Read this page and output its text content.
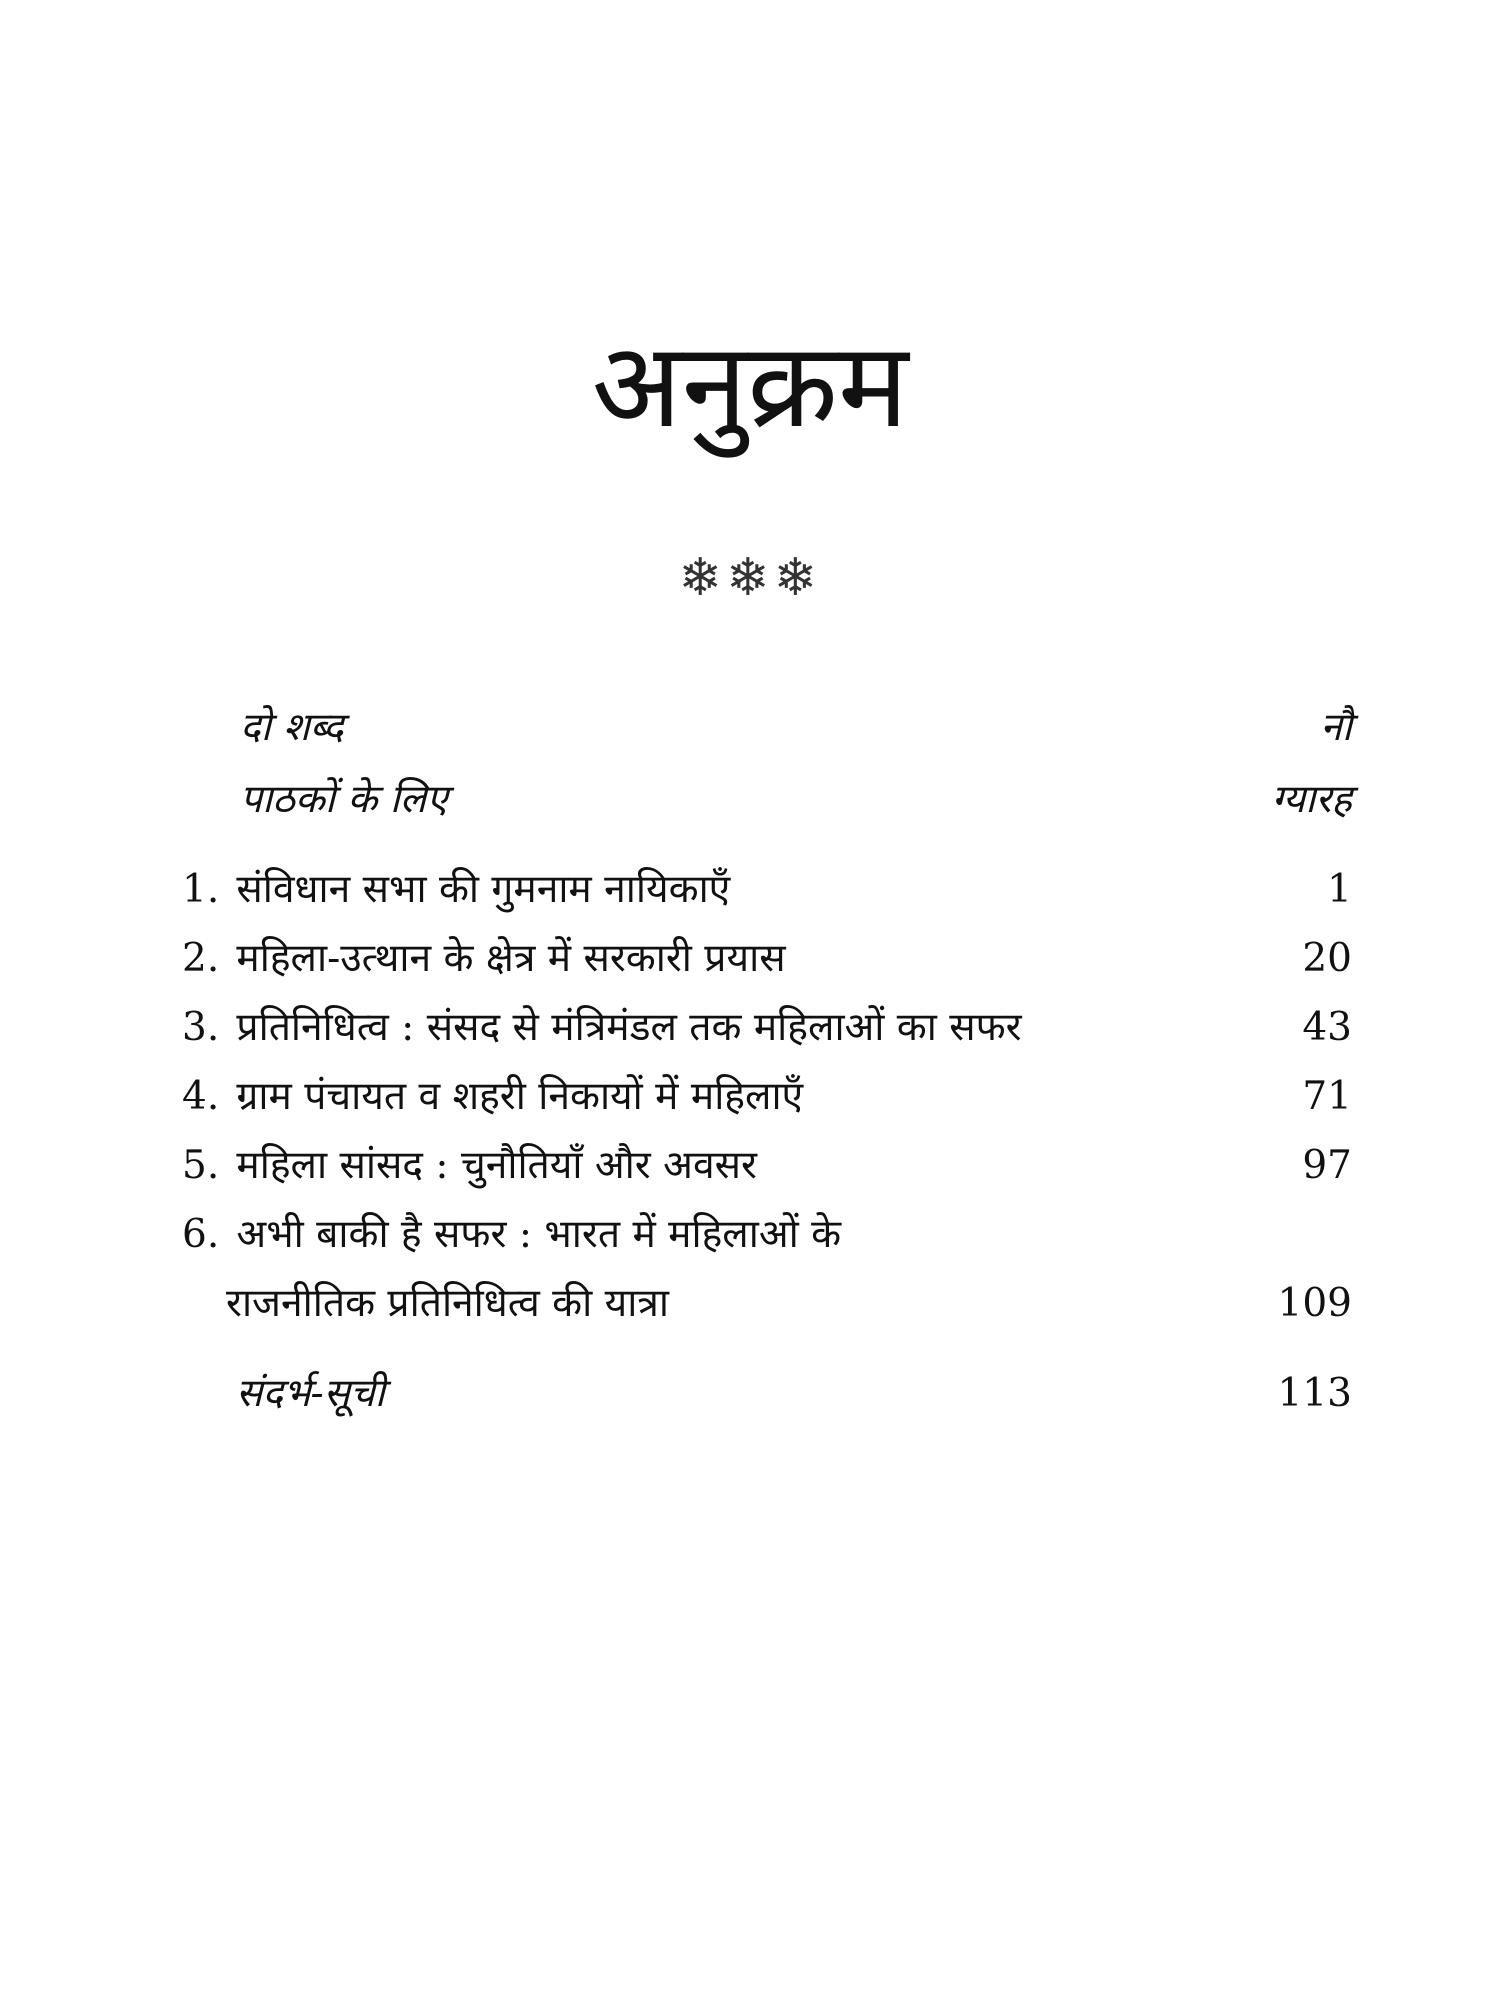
अनुक्रम
❄❄❄
दो शब्द	नौ
पाठकों के लिए	ग्यारह
1. संविधान सभा की गुमनाम नायिकाएँ	1
2. महिला-उत्थान के क्षेत्र में सरकारी प्रयास	20
3. प्रतिनिधित्व : संसद से मंत्रिमंडल तक महिलाओं का सफर	43
4. ग्राम पंचायत व शहरी निकायों में महिलाएँ	71
5. महिला सांसद : चुनौतियाँ और अवसर	97
6. अभी बाकी है सफर : भारत में महिलाओं के
राजनीतिक प्रतिनिधित्व की यात्रा	109
संदर्भ-सूची	113
